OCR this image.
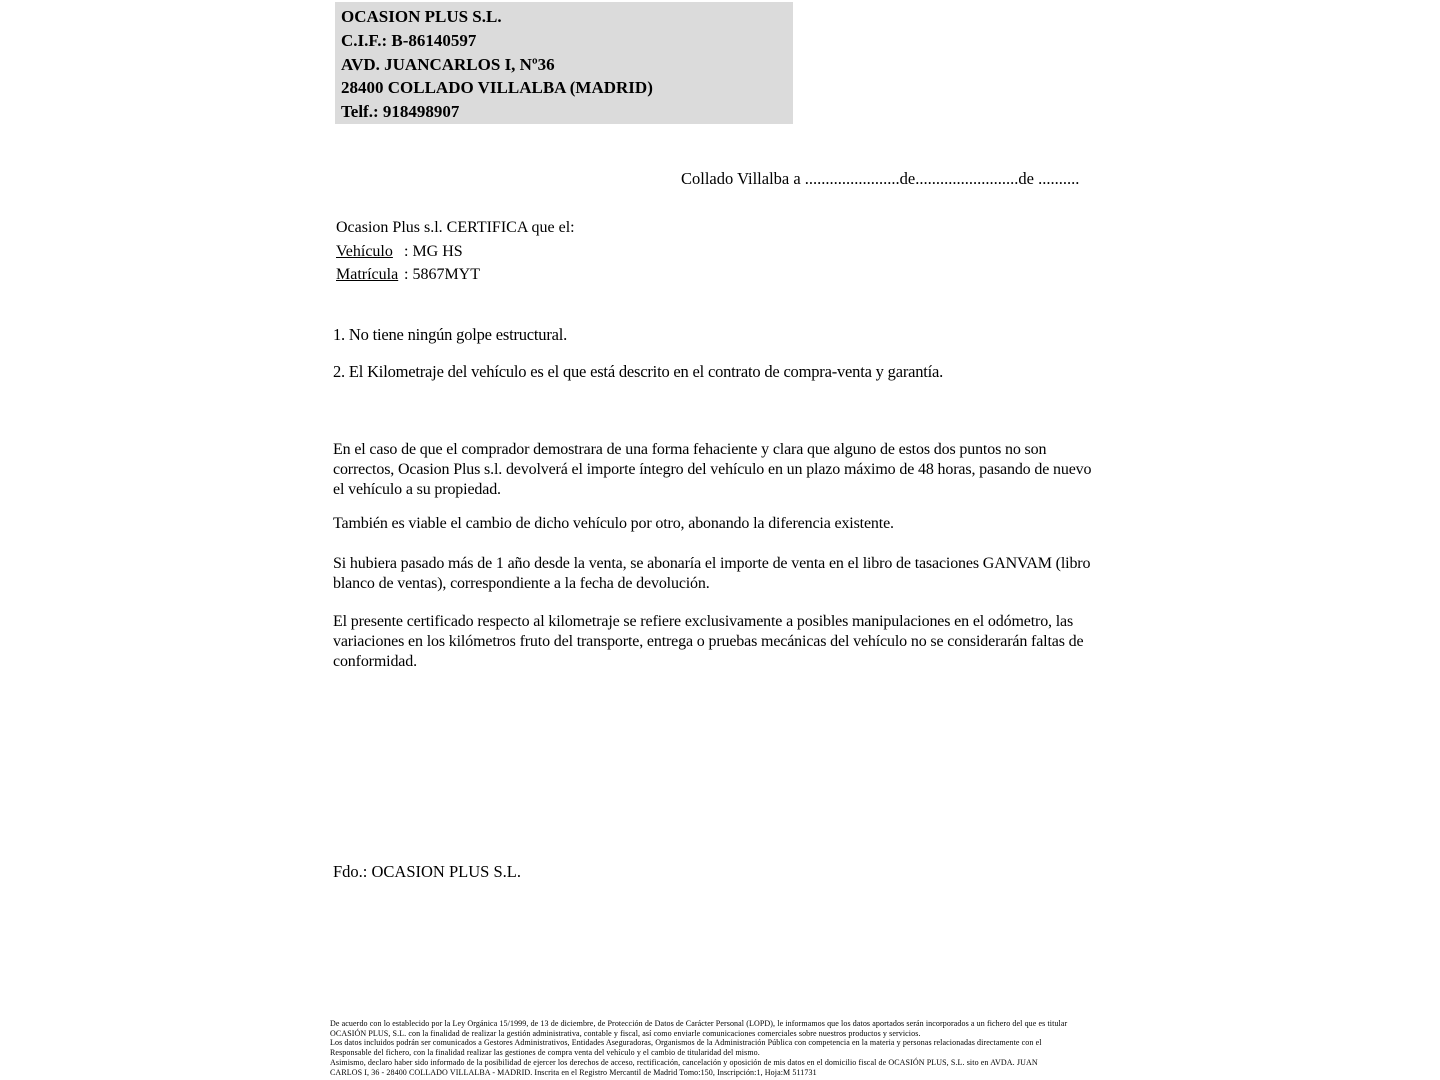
OCASION PLUS S.L.
C.I.F.: B-86140597
AVD. JUANCARLOS I, Nº36
28400 COLLADO VILLALBA (MADRID)
Telf.: 918498907
Collado Villalba a .......................de.........................de ..........
Ocasion Plus s.l. CERTIFICA que el:
Vehículo : MG HS
Matrícula : 5867MYT
1. No tiene ningún golpe estructural.
2. El Kilometraje del vehículo es el que está descrito en el contrato de compra-venta y garantía.
En el caso de que el comprador demostrara de una forma fehaciente y clara que alguno de estos dos puntos no son correctos, Ocasion Plus s.l. devolverá el importe íntegro del vehículo en un plazo máximo de 48 horas, pasando de nuevo el vehículo a su propiedad.
También es viable el cambio de dicho vehículo por otro, abonando la diferencia existente.
Si hubiera pasado más de 1 año desde la venta, se abonaría el importe de venta en el libro de tasaciones GANVAM (libro blanco de ventas), correspondiente a la fecha de devolución.
El presente certificado respecto al kilometraje se refiere exclusivamente a posibles manipulaciones en el odómetro, las variaciones en los kilómetros fruto del transporte, entrega o pruebas mecánicas del vehículo no se considerarán faltas de conformidad.
Fdo.: OCASION PLUS S.L.
De acuerdo con lo establecido por la Ley Orgánica 15/1999, de 13 de diciembre, de Protección de Datos de Carácter Personal (LOPD), le informamos que los datos aportados serán incorporados a un fichero del que es titular
OCASIÓN PLUS, S.L. con la finalidad de realizar la gestión administrativa, contable y fiscal, así como enviarle comunicaciones comerciales sobre nuestros productos y servicios.
Los datos incluidos podrán ser comunicados a Gestores Administrativos, Entidades Aseguradoras, Organismos de la Administración Pública con competencia en la materia y personas relacionadas directamente con el
Responsable del fichero, con la finalidad realizar las gestiones de compra venta del vehículo y el cambio de titularidad del mismo.
Asimismo, declaro haber sido informado de la posibilidad de ejercer los derechos de acceso, rectificación, cancelación y oposición de mis datos en el domicilio fiscal de OCASIÓN PLUS, S.L. sito en AVDA. JUAN
CARLOS I, 36 - 28400 COLLADO VILLALBA - MADRID. Inscrita en el Registro Mercantil de Madrid Tomo:150, Inscripción:1, Hoja:M 511731
